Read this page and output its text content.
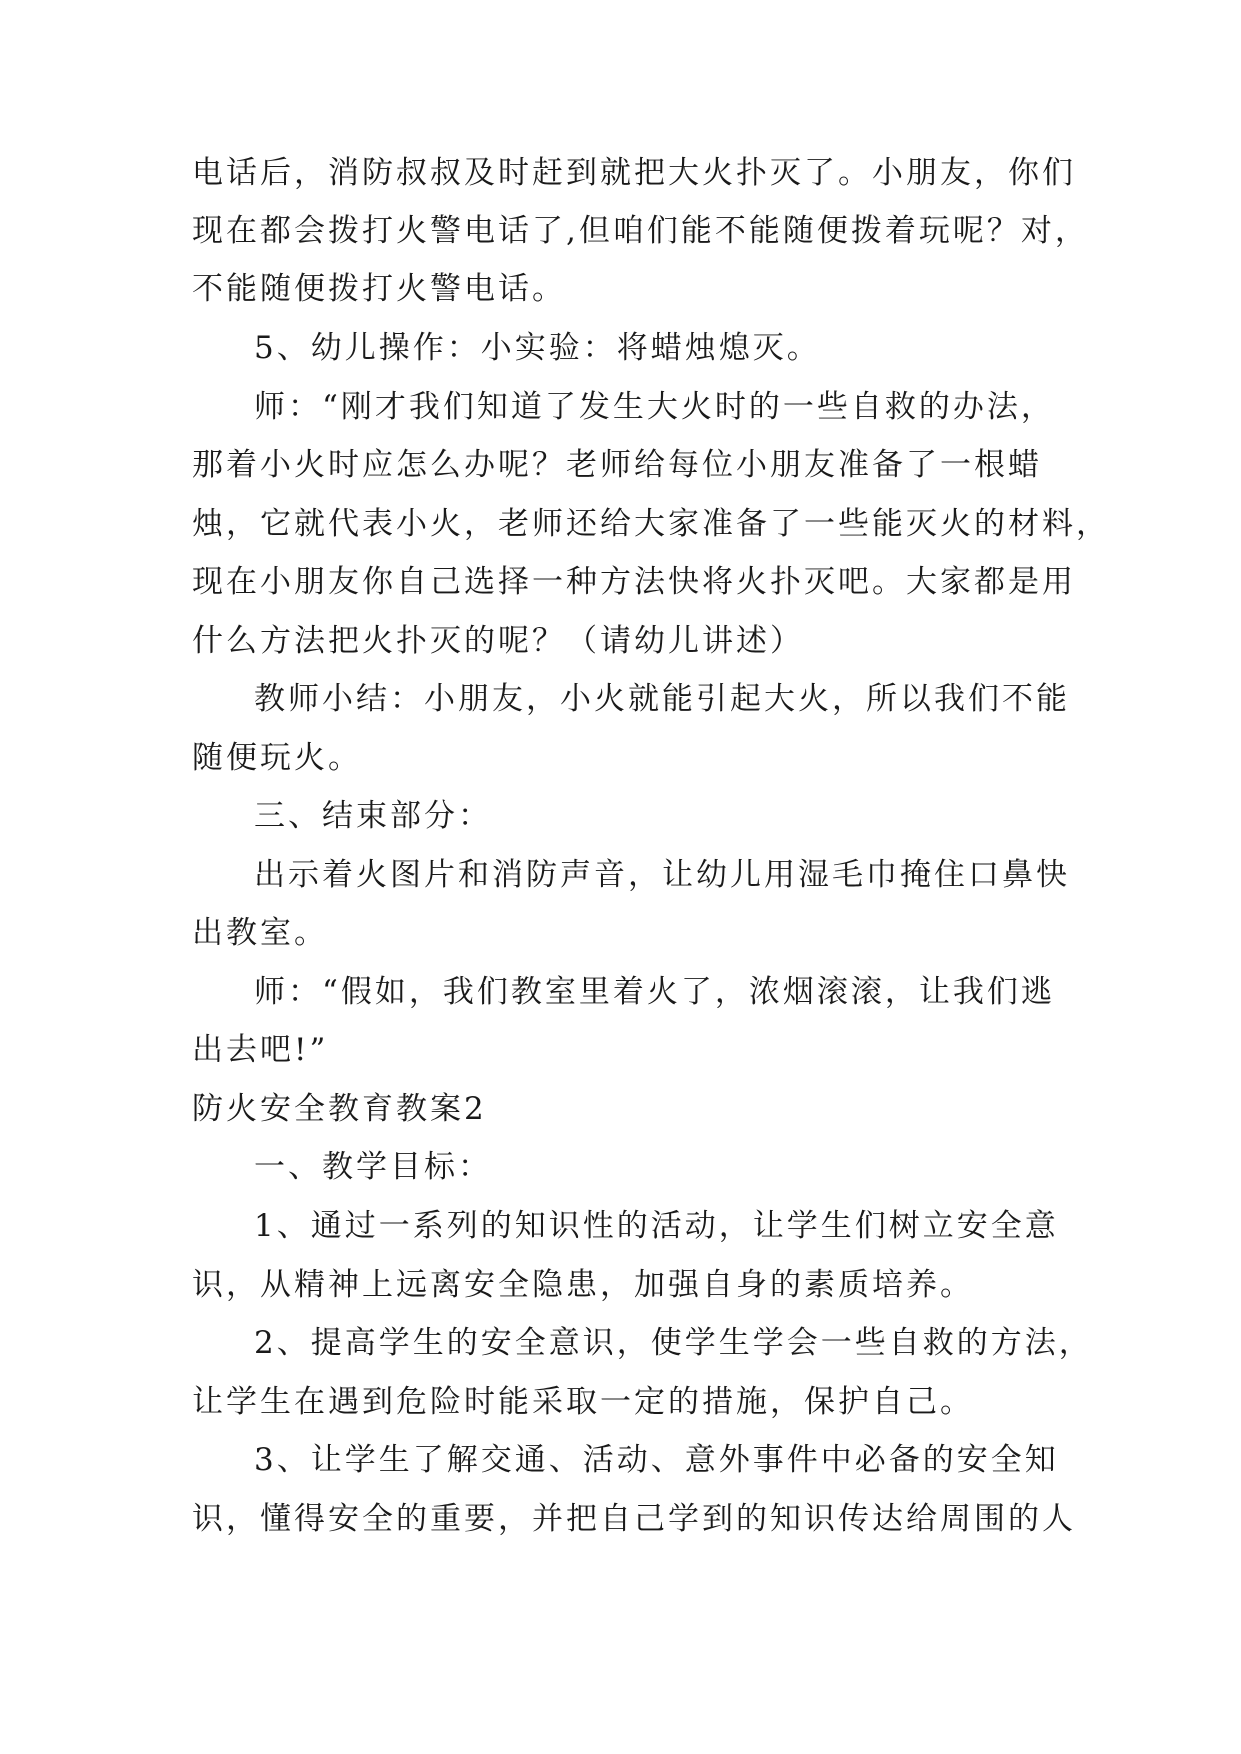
电话后，消防叔叔及时赶到就把大火扑灭了。小朋友，你们
现在都会拨打火警电话了,但咱们能不能随便拨着玩呢？对，
不能随便拨打火警电话。
5、幼儿操作：小实验：将蜡烛熄灭。
师：“刚才我们知道了发生大火时的一些自救的办法，
那着小火时应怎么办呢？老师给每位小朋友准备了一根蜡
烛，它就代表小火，老师还给大家准备了一些能灭火的材料，
现在小朋友你自己选择一种方法快将火扑灭吧。大家都是用
什么方法把火扑灭的呢？（请幼儿讲述）
教师小结：小朋友，小火就能引起大火，所以我们不能
随便玩火。
三、结束部分：
出示着火图片和消防声音，让幼儿用湿毛巾掩住口鼻快
出教室。
师：“假如，我们教室里着火了，浓烟滚滚，让我们逃
出去吧!”
防火安全教育教案2
一、教学目标：
1、通过一系列的知识性的活动，让学生们树立安全意
识，从精神上远离安全隐患，加强自身的素质培养。
2、提高学生的安全意识，使学生学会一些自救的方法，
让学生在遇到危险时能采取一定的措施，保护自己。
3、让学生了解交通、活动、意外事件中必备的安全知
识，懂得安全的重要，并把自己学到的知识传达给周围的人
